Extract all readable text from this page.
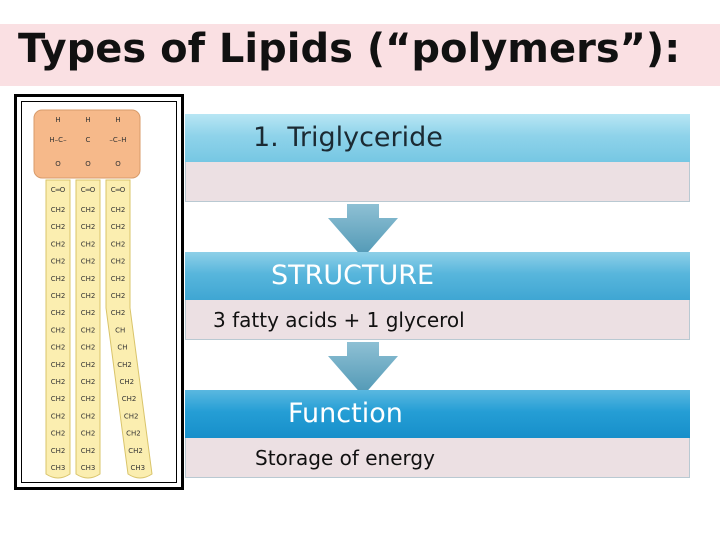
Types of Lipids (“polymers”):
H	H	H
H–C–	C	–C–H
O	O	O
C═O
CH2
CH2
CH2
CH2
CH2
CH2
CH2
CH2
CH2
CH2
CH2
CH2
CH2
CH2
CH2
CH3
C═O
CH2
CH2
CH2
CH2
CH2
CH2
CH2
CH2
CH2
CH2
CH2
CH2
CH2
CH2
CH2
CH3
C═O
CH2
CH2
CH2
CH2
CH2
CH2
CH2
CH
CH
CH2
CH2
CH2
CH2
CH2
CH2
CH3
1. Triglyceride
STRUCTURE
3 fatty acids + 1 glycerol
Function
Storage of energy
